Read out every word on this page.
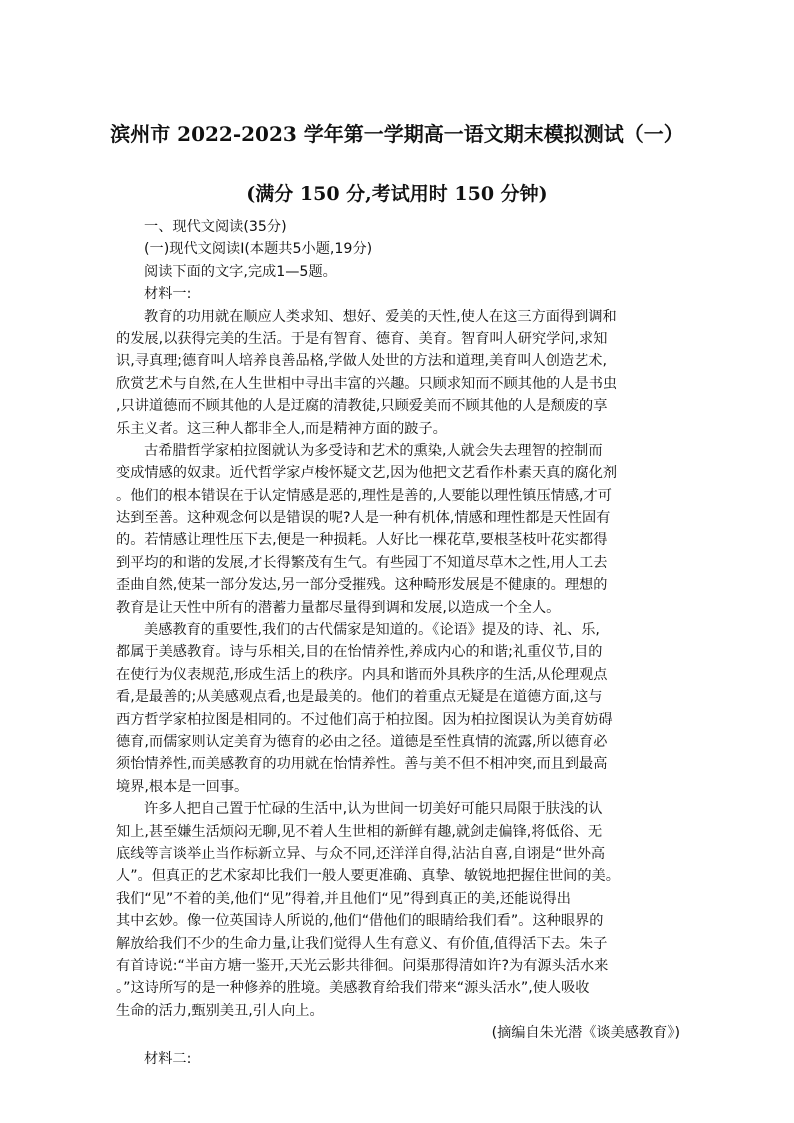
滨州市 2022-2023 学年第一学期高一语文期末模拟测试（一）
(满分 150 分,考试用时 150 分钟)
一、现代文阅读(35分)
(一)现代文阅读Ⅰ(本题共5小题,19分)
阅读下面的文字,完成1—5题。
材料一:
教育的功用就在顺应人类求知、想好、爱美的天性,使人在这三方面得到调和
的发展,以获得完美的生活。于是有智育、德育、美育。智育叫人研究学问,求知
识,寻真理;德育叫人培养良善品格,学做人处世的方法和道理,美育叫人创造艺术,
欣赏艺术与自然,在人生世相中寻出丰富的兴趣。只顾求知而不顾其他的人是书虫
,只讲道德而不顾其他的人是迂腐的清教徒,只顾爱美而不顾其他的人是颓废的享
乐主义者。这三种人都非全人,而是精神方面的跛子。
古希腊哲学家柏拉图就认为多受诗和艺术的熏染,人就会失去理智的控制而
变成情感的奴隶。近代哲学家卢梭怀疑文艺,因为他把文艺看作朴素天真的腐化剂
。他们的根本错误在于认定情感是恶的,理性是善的,人要能以理性镇压情感,才可
达到至善。这种观念何以是错误的呢?人是一种有机体,情感和理性都是天性固有
的。若情感让理性压下去,便是一种损耗。人好比一棵花草,要根茎枝叶花实都得
到平均的和谐的发展,才长得繁茂有生气。有些园丁不知道尽草木之性,用人工去
歪曲自然,使某一部分发达,另一部分受摧残。这种畸形发展是不健康的。理想的
教育是让天性中所有的潜蓄力量都尽量得到调和发展,以造成一个全人。
美感教育的重要性,我们的古代儒家是知道的。《论语》提及的诗、礼、乐,
都属于美感教育。诗与乐相关,目的在怡情养性,养成内心的和谐;礼重仪节,目的
在使行为仪表规范,形成生活上的秩序。内具和谐而外具秩序的生活,从伦理观点
看,是最善的;从美感观点看,也是最美的。他们的着重点无疑是在道德方面,这与
西方哲学家柏拉图是相同的。不过他们高于柏拉图。因为柏拉图误认为美育妨碍
德育,而儒家则认定美育为德育的必由之径。道德是至性真情的流露,所以德育必
须怡情养性,而美感教育的功用就在怡情养性。善与美不但不相冲突,而且到最高
境界,根本是一回事。
许多人把自己置于忙碌的生活中,认为世间一切美好可能只局限于肤浅的认
知上,甚至嫌生活烦闷无聊,见不着人生世相的新鲜有趣,就剑走偏锋,将低俗、无
底线等言谈举止当作标新立异、与众不同,还洋洋自得,沾沾自喜,自诩是“世外高
人”。但真正的艺术家却比我们一般人要更准确、真挚、敏锐地把握住世间的美。
我们“见”不着的美,他们“见”得着,并且他们“见”得到真正的美,还能说得出
其中玄妙。像一位英国诗人所说的,他们“借他们的眼睛给我们看”。这种眼界的
解放给我们不少的生命力量,让我们觉得人生有意义、有价值,值得活下去。朱子
有首诗说:“半亩方塘一鉴开,天光云影共徘徊。问渠那得清如许?为有源头活水来
。”这诗所写的是一种修养的胜境。美感教育给我们带来“源头活水”,使人吸收
生命的活力,甄别美丑,引人向上。
(摘编自朱光潜《谈美感教育》)
材料二:
